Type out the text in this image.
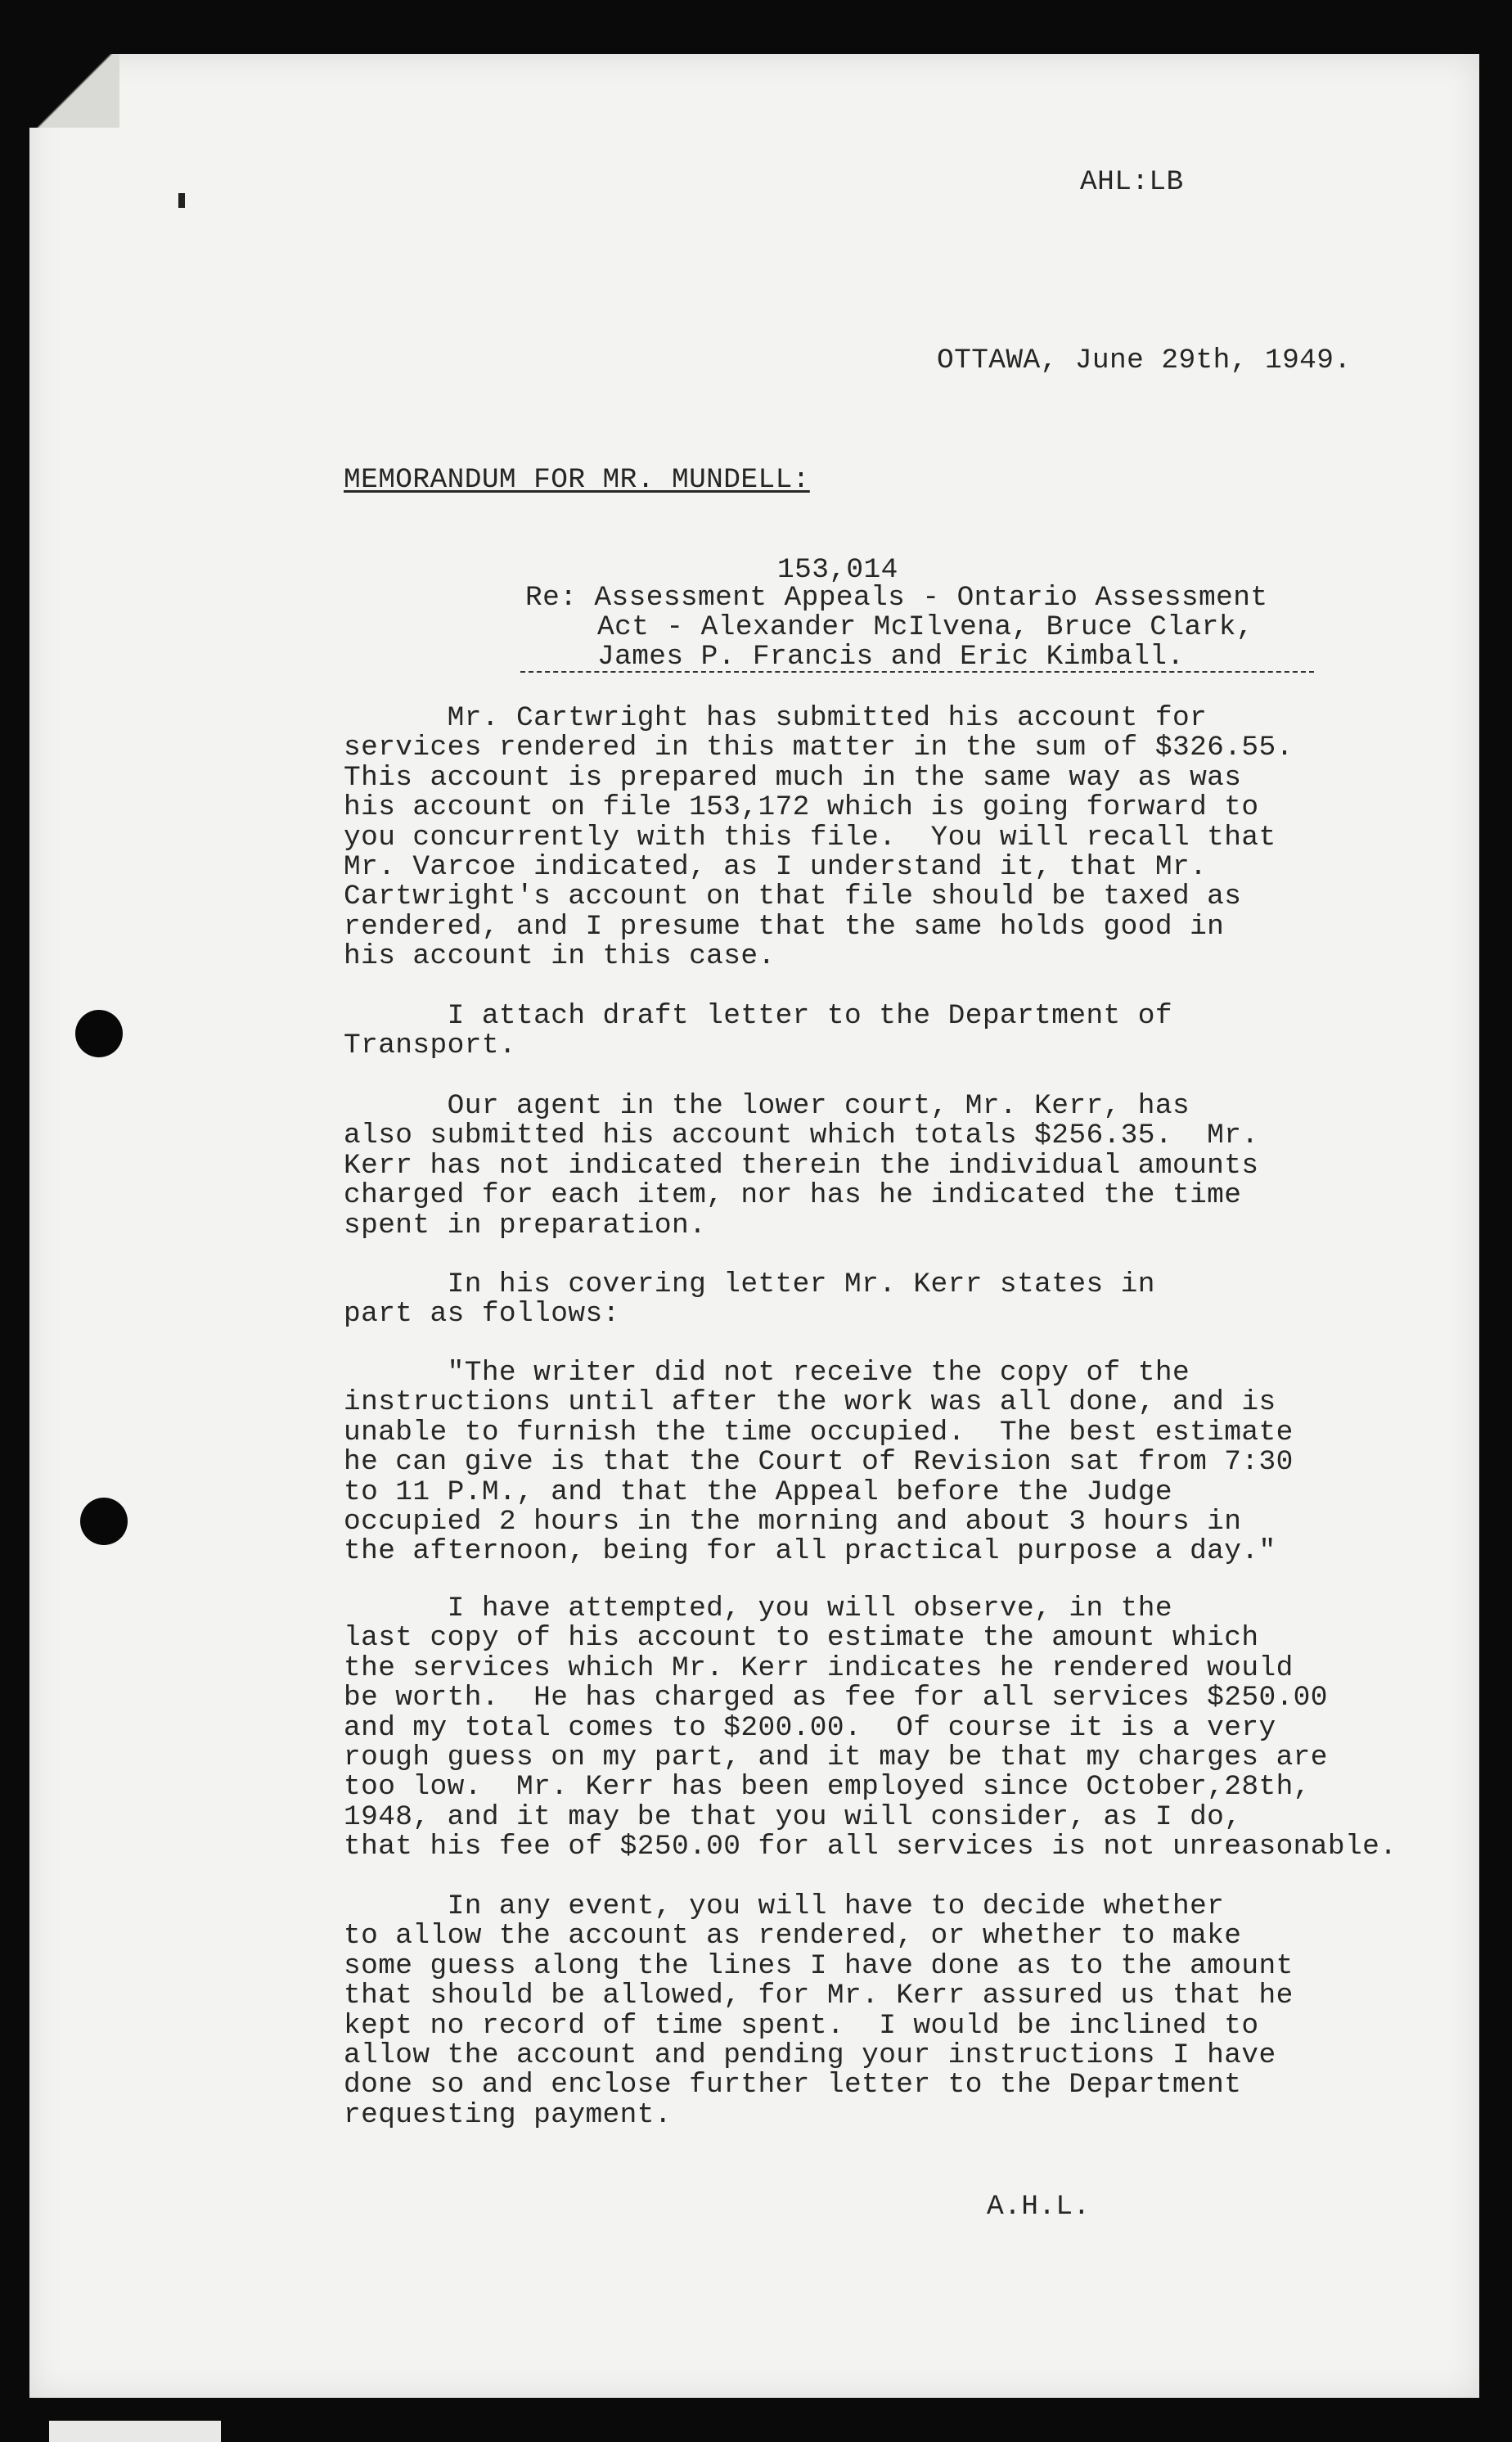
AHL:LB
OTTAWA, June 29th, 1949.
MEMORANDUM FOR MR. MUNDELL:
153,014
Re: Assessment Appeals - Ontario Assessment
Act - Alexander McIlvena, Bruce Clark,
James P. Francis and Eric Kimball.
Mr. Cartwright has submitted his account for
services rendered in this matter in the sum of $326.55.
This account is prepared much in the same way as was
his account on file 153,172 which is going forward to
you concurrently with this file.  You will recall that
Mr. Varcoe indicated, as I understand it, that Mr.
Cartwright's account on that file should be taxed as
rendered, and I presume that the same holds good in
his account in this case.
I attach draft letter to the Department of
Transport.
Our agent in the lower court, Mr. Kerr, has
also submitted his account which totals $256.35.  Mr.
Kerr has not indicated therein the individual amounts
charged for each item, nor has he indicated the time
spent in preparation.
In his covering letter Mr. Kerr states in
part as follows:
"The writer did not receive the copy of the
instructions until after the work was all done, and is
unable to furnish the time occupied.  The best estimate
he can give is that the Court of Revision sat from 7:30
to 11 P.M., and that the Appeal before the Judge
occupied 2 hours in the morning and about 3 hours in
the afternoon, being for all practical purpose a day."
I have attempted, you will observe, in the
last copy of his account to estimate the amount which
the services which Mr. Kerr indicates he rendered would
be worth.  He has charged as fee for all services $250.00
and my total comes to $200.00.  Of course it is a very
rough guess on my part, and it may be that my charges are
too low.  Mr. Kerr has been employed since October,28th,
1948, and it may be that you will consider, as I do,
that his fee of $250.00 for all services is not unreasonable.
In any event, you will have to decide whether
to allow the account as rendered, or whether to make
some guess along the lines I have done as to the amount
that should be allowed, for Mr. Kerr assured us that he
kept no record of time spent.  I would be inclined to
allow the account and pending your instructions I have
done so and enclose further letter to the Department
requesting payment.
A.H.L.
